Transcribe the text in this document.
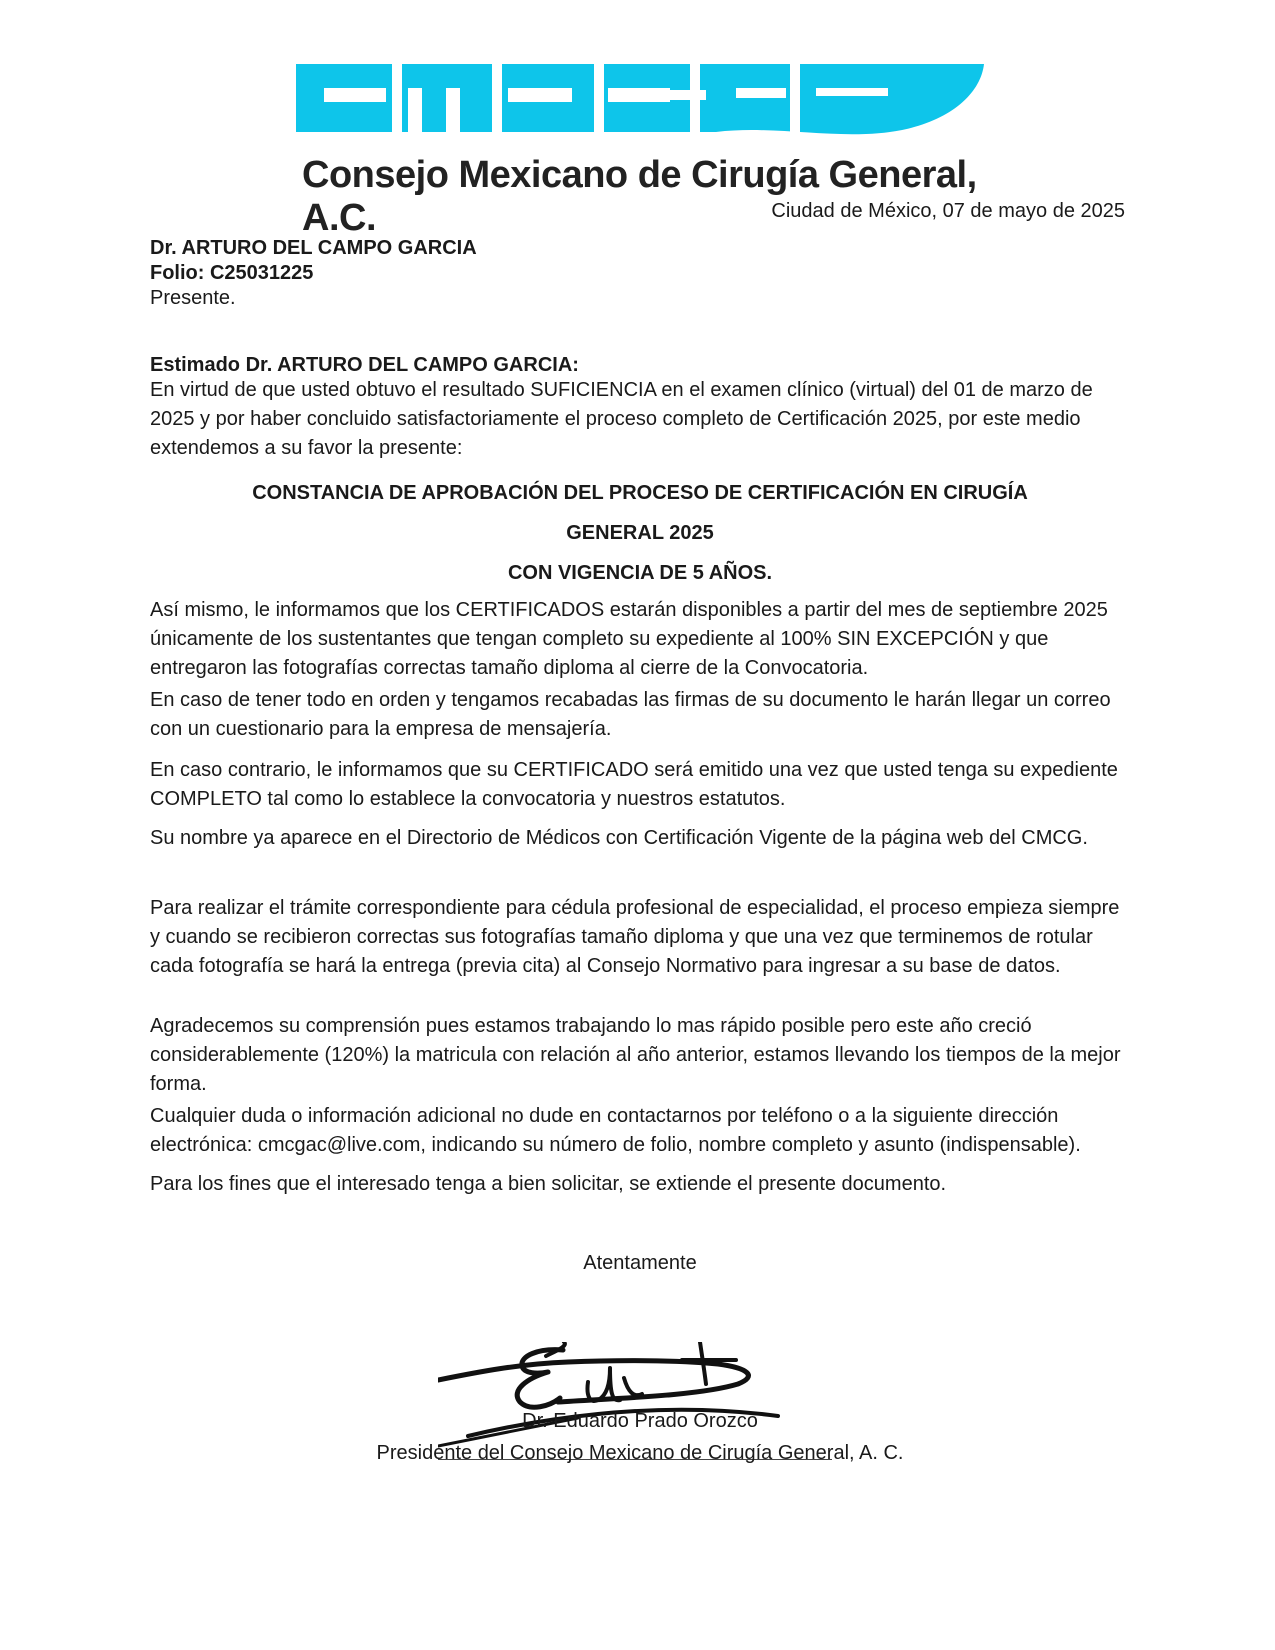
Consejo Mexicano de Cirugía General, A.C.	Ciudad de México, 07 de mayo de 2025
Dr. ARTURO DEL CAMPO GARCIA
Folio: C25031225
Presente.
Estimado Dr. ARTURO DEL CAMPO GARCIA:
En virtud de que usted obtuvo el resultado SUFICIENCIA en el examen clínico (virtual) del 01 de marzo de 2025 y por haber concluido satisfactoriamente el proceso completo de Certificación 2025, por este medio extendemos a su favor la presente:
CONSTANCIA DE APROBACIÓN DEL PROCESO DE CERTIFICACIÓN EN CIRUGÍA
GENERAL 2025
CON VIGENCIA DE 5 AÑOS.
Así mismo, le informamos que los CERTIFICADOS estarán disponibles a partir del mes de septiembre 2025 únicamente de los sustentantes que tengan completo su expediente al 100% SIN EXCEPCIÓN y que entregaron las fotografías correctas tamaño diploma al cierre de la Convocatoria.
En caso de tener todo en orden y tengamos recabadas las firmas de su documento le harán llegar un correo con un cuestionario para la empresa de mensajería.
En caso contrario, le informamos que su CERTIFICADO será emitido una vez que usted tenga su expediente COMPLETO tal como lo establece la convocatoria y nuestros estatutos.
Su nombre ya aparece en el Directorio de Médicos con Certificación Vigente de la página web del CMCG.
Para realizar el trámite correspondiente para cédula profesional de especialidad, el proceso empieza siempre y cuando se recibieron correctas sus fotografías tamaño diploma y que una vez que terminemos de rotular cada fotografía se hará la entrega (previa cita) al Consejo Normativo para ingresar a su base de datos.
Agradecemos su comprensión pues estamos trabajando lo mas rápido posible pero este año creció considerablemente (120%) la matricula con relación al año anterior, estamos llevando los tiempos de la mejor forma.
Cualquier duda o información adicional no dude en contactarnos por teléfono o a la siguiente dirección electrónica: cmcgac@live.com, indicando su número de folio, nombre completo y asunto (indispensable).
Para los fines que el interesado tenga a bien solicitar, se extiende el presente documento.
Atentamente
Dr. Eduardo Prado Orozco
Presidente del Consejo Mexicano de Cirugía General, A. C.
